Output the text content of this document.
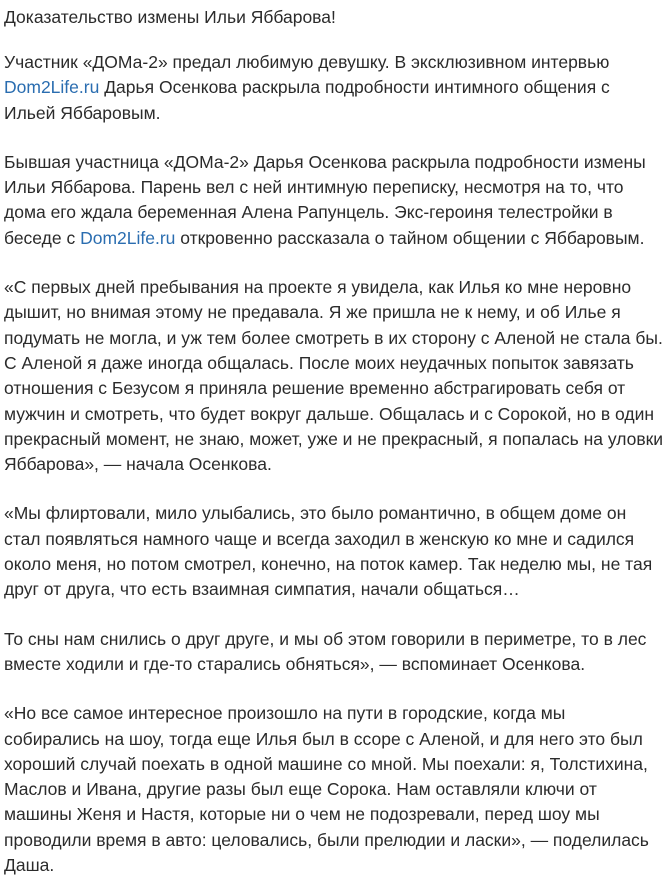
Доказательство измены Ильи Яббарова!

Участник «ДОМа-2» предал любимую девушку. В эксклюзивном интервью Dom2Life.ru Дарья Осенкова раскрыла подробности интимного общения с Ильей Яббаровым.

Бывшая участница «ДОМа-2» Дарья Осенкова раскрыла подробности измены Ильи Яббарова. Парень вел с ней интимную переписку, несмотря на то, что дома его ждала беременная Алена Рапунцель. Экс-героиня телестройки в беседе с Dom2Life.ru откровенно рассказала о тайном общении с Яббаровым.

«С первых дней пребывания на проекте я увидела, как Илья ко мне неровно дышит, но внимая этому не предавала. Я же пришла не к нему, и об Илье я подумать не могла, и уж тем более смотреть в их сторону с Аленой не стала бы. С Аленой я даже иногда общалась. После моих неудачных попыток завязать отношения с Безусом я приняла решение временно абстрагировать себя от мужчин и смотреть, что будет вокруг дальше. Общалась и с Сорокой, но в один прекрасный момент, не знаю, может, уже и не прекрасный, я попалась на уловки Яббарова», — начала Осенкова.

«Мы флиртовали, мило улыбались, это было романтично, в общем доме он стал появляться намного чаще и всегда заходил в женскую ко мне и садился около меня, но потом смотрел, конечно, на поток камер. Так неделю мы, не тая друг от друга, что есть взаимная симпатия, начали общаться…

То сны нам снились о друг друге, и мы об этом говорили в периметре, то в лес вместе ходили и где-то старались обняться», — вспоминает Осенкова.

«Но все самое интересное произошло на пути в городские, когда мы собирались на шоу, тогда еще Илья был в ссоре с Аленой, и для него это был хороший случай поехать в одной машине со мной. Мы поехали: я, Толстихина, Маслов и Ивана, другие разы был еще Сорока. Нам оставляли ключи от машины Женя и Настя, которые ни о чем не подозревали, перед шоу мы проводили время в авто: целовались, были прелюдии и ласки», — поделилась Даша.
